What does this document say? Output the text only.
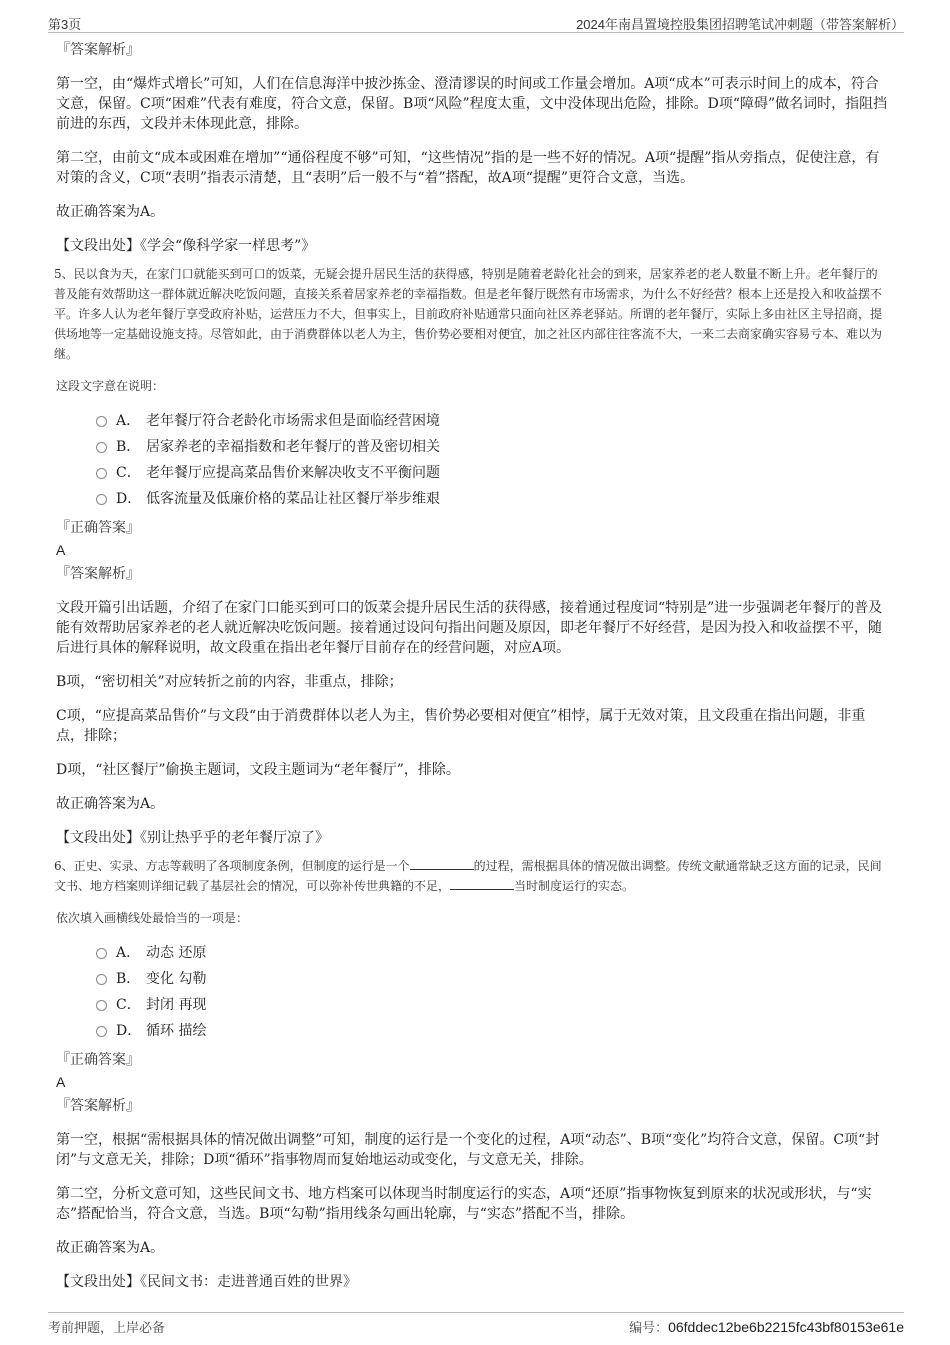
第3页	2024年南昌置境控股集团招聘笔试冲刺题（带答案解析）
『答案解析』

第一空，由“爆炸式增长”可知，人们在信息海洋中披沙拣金、澄清谬误的时间或工作量会增加。A项“成本”可表示时间上的成本，符合文意，保留。C项“困难”代表有难度，符合文意，保留。B项“风险”程度太重，文中没体现出危险，排除。D项“障碍”做名词时，指阻挡前进的东西，文段并未体现此意，排除。

第二空，由前文“成本或困难在增加”“通俗程度不够”可知，“这些情况”指的是一些不好的情况。A项“提醒”指从旁指点，促使注意，有对策的含义，C项“表明”指表示清楚，且“表明”后一般不与“着”搭配，故A项“提醒”更符合文意，当选。

故正确答案为A。

【文段出处】《学会“像科学家一样思考”》

5、民以食为天，在家门口就能买到可口的饭菜，无疑会提升居民生活的获得感，特别是随着老龄化社会的到来，居家养老的老人数量不断上升。老年餐厅的普及能有效帮助这一群体就近解决吃饭问题，直接关系着居家养老的幸福指数。但是老年餐厅既然有市场需求，为什么不好经营？根本上还是投入和收益摆不平。许多人认为老年餐厅享受政府补贴，运营压力不大，但事实上，目前政府补贴通常只面向社区养老驿站。所谓的老年餐厅，实际上多由社区主导招商，提供场地等一定基础设施支持。尽管如此，由于消费群体以老人为主，售价势必要相对便宜，加之社区内部往往客流不大，一来二去商家确实容易亏本、难以为继。

这段文字意在说明：

A． 老年餐厅符合老龄化市场需求但是面临经营困境
B． 居家养老的幸福指数和老年餐厅的普及密切相关
C． 老年餐厅应提高菜品售价来解决收支不平衡问题
D． 低客流量及低廉价格的菜品让社区餐厅举步维艰
『正确答案』
A
『答案解析』

文段开篇引出话题，介绍了在家门口能买到可口的饭菜会提升居民生活的获得感，接着通过程度词“特别是”进一步强调老年餐厅的普及能有效帮助居家养老的老人就近解决吃饭问题。接着通过设问句指出问题及原因，即老年餐厅不好经营，是因为投入和收益摆不平，随后进行具体的解释说明，故文段重在指出老年餐厅目前存在的经营问题，对应A项。

B项，“密切相关”对应转折之前的内容，非重点，排除；

C项，“应提高菜品售价”与文段“由于消费群体以老人为主，售价势必要相对便宜”相悖，属于无效对策，且文段重在指出问题，非重点，排除；

D项，“社区餐厅”偷换主题词，文段主题词为“老年餐厅”，排除。

故正确答案为A。

【文段出处】《别让热乎乎的老年餐厅凉了》

6、正史、实录、方志等载明了各项制度条例，但制度的运行是一个	的过程，需根据具体的情况做出调整。传统文献通常缺乏这方面的记录，民间文书、地方档案则详细记载了基层社会的情况，可以弥补传世典籍的不足，	当时制度运行的实态。

依次填入画横线处最恰当的一项是：

A． 动态 还原
B． 变化 勾勒
C． 封闭 再现
D． 循环 描绘
『正确答案』
A
『答案解析』

第一空，根据“需根据具体的情况做出调整”可知，制度的运行是一个变化的过程，A项“动态”、B项“变化”均符合文意，保留。C项“封闭”与文意无关，排除；D项“循环”指事物周而复始地运动或变化，与文意无关，排除。

第二空，分析文意可知，这些民间文书、地方档案可以体现当时制度运行的实态，A项“还原”指事物恢复到原来的状况或形状，与“实态”搭配恰当，符合文意，当选。B项“勾勒”指用线条勾画出轮廓，与“实态”搭配不当，排除。

故正确答案为A。

【文段出处】《民间文书：走进普通百姓的世界》

考前押题，上岸必备	编号：06fddec12be6b2215fc43bf80153e61e
